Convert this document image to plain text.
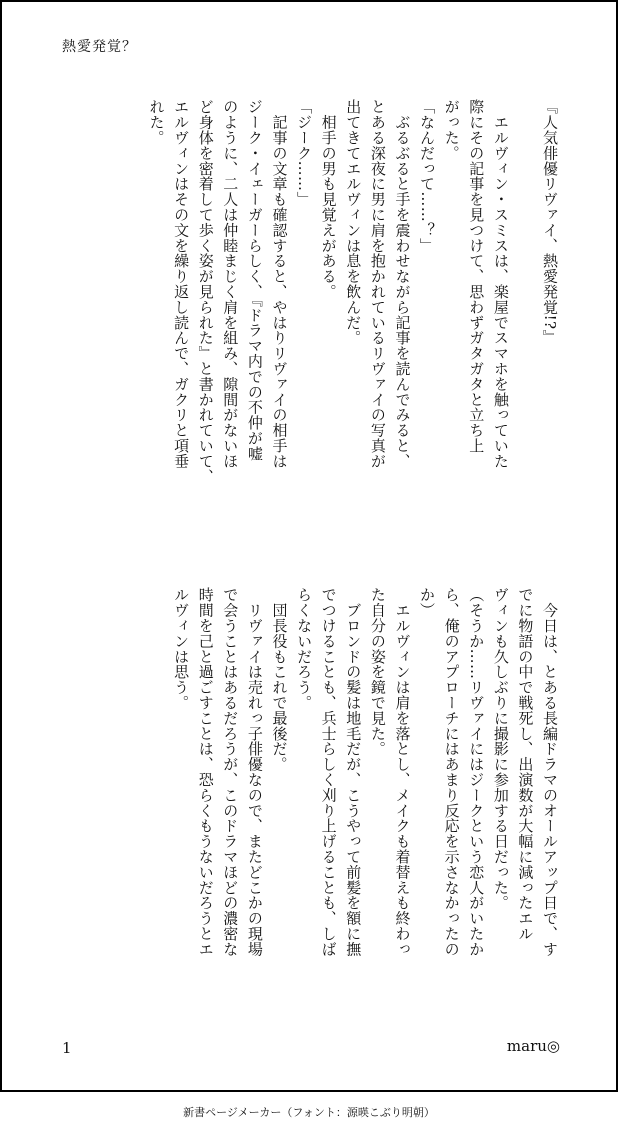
熱愛発覚？
『人気俳優リヴァイ、熱愛発覚!?』

　エルヴィン・スミスは、楽屋でスマホを触っていた
際にその記事を見つけて、思わずガタガタと立ち上
がった。
「なんだって……？」
　ぶるぶると手を震わせながら記事を読んでみると、
とある深夜に男に肩を抱かれているリヴァイの写真が
出てきてエルヴィンは息を飲んだ。
　相手の男も見覚えがある。
「ジーク……」
　記事の文章も確認すると、やはりリヴァイの相手は
ジーク・イェーガーらしく、『ドラマ内での不仲が嘘
のように、二人は仲睦まじく肩を組み、隙間がないほ
ど身体を密着して歩く姿が見られた』と書かれていて、
エルヴィンはその文を繰り返し読んで、ガクリと項垂
れた。
　今日は、とある長編ドラマのオールアップ日で、す
でに物語の中で戦死し、出演数が大幅に減ったエル
ヴィンも久しぶりに撮影に参加する日だった。
（そうか……リヴァイにはジークという恋人がいたか
ら、俺のアプローチにはあまり反応を示さなかったの
か）
　エルヴィンは肩を落とし、メイクも着替えも終わっ
た自分の姿を鏡で見た。
　ブロンドの髪は地毛だが、こうやって前髪を額に撫
でつけることも、兵士らしく刈り上げることも、しば
らくないだろう。
　団長役もこれで最後だ。
　リヴァイは売れっ子俳優なので、またどこかの現場
で会うことはあるだろうが、このドラマほどの濃密な
時間を己と過ごすことは、恐らくもうないだろうとエ
ルヴィンは思う。
1	maru◎
新書ページメーカー（フォント：源暎こぶり明朝）
